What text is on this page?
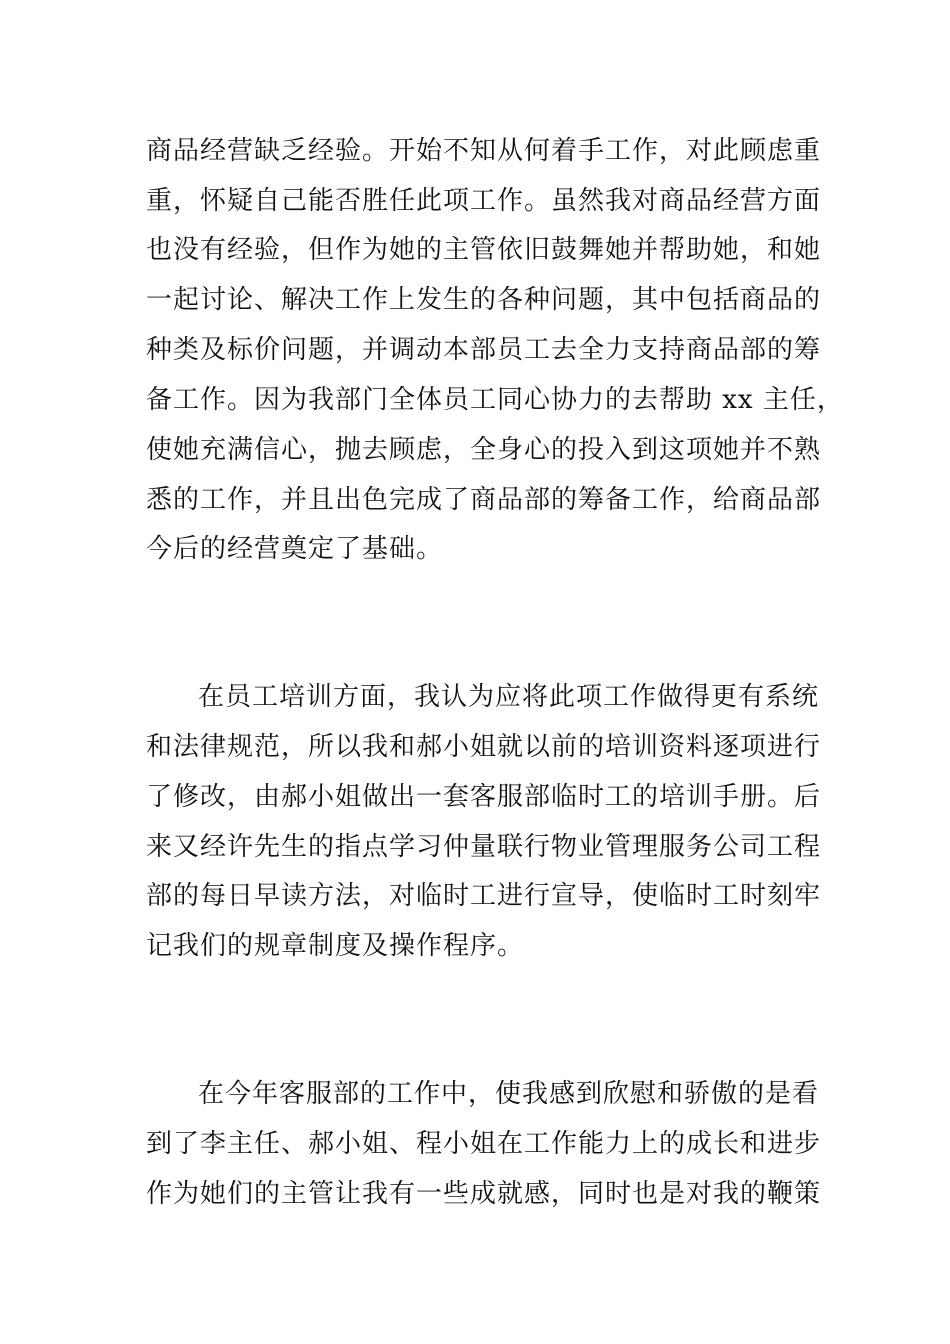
商品经营缺乏经验。开始不知从何着手工作，对此顾虑重
重，怀疑自己能否胜任此项工作。虽然我对商品经营方面
也没有经验，但作为她的主管依旧鼓舞她并帮助她，和她
一起讨论、解决工作上发生的各种问题，其中包括商品的
种类及标价问题，并调动本部员工去全力支持商品部的筹
备工作。因为我部门全体员工同心协力的去帮助 xx 主任，
使她充满信心，抛去顾虑，全身心的投入到这项她并不熟
悉的工作，并且出色完成了商品部的筹备工作，给商品部
今后的经营奠定了基础。
在员工培训方面，我认为应将此项工作做得更有系统
和法律规范，所以我和郝小姐就以前的培训资料逐项进行
了修改，由郝小姐做出一套客服部临时工的培训手册。后
来又经许先生的指点学习仲量联行物业管理服务公司工程
部的每日早读方法，对临时工进行宣导，使临时工时刻牢
记我们的规章制度及操作程序。
在今年客服部的工作中，使我感到欣慰和骄傲的是看
到了李主任、郝小姐、程小姐在工作能力上的成长和进步
作为她们的主管让我有一些成就感，同时也是对我的鞭策
